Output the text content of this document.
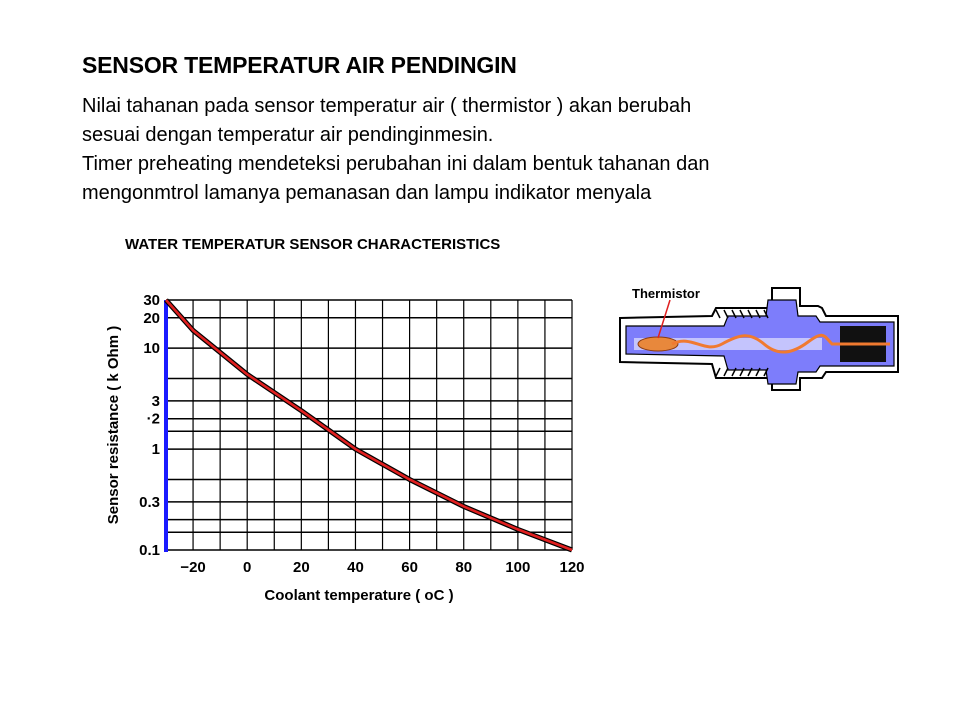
SENSOR TEMPERATUR AIR PENDINGIN
Nilai tahanan pada sensor temperatur air ( thermistor ) akan berubah
sesuai dengan temperatur air pendinginmesin.
Timer preheating mendeteksi perubahan ini dalam bentuk tahanan dan
mengonmtrol lamanya pemanasan dan lampu indikator menyala
WATER TEMPERATUR SENSOR CHARACTERISTICS
0.1
0.3
1
·2
3
10
20
30
−20 0	20 40 60 80 100 120
Coolant temperature ( oC )
Sensor resistance ( k Ohm )
Thermistor
